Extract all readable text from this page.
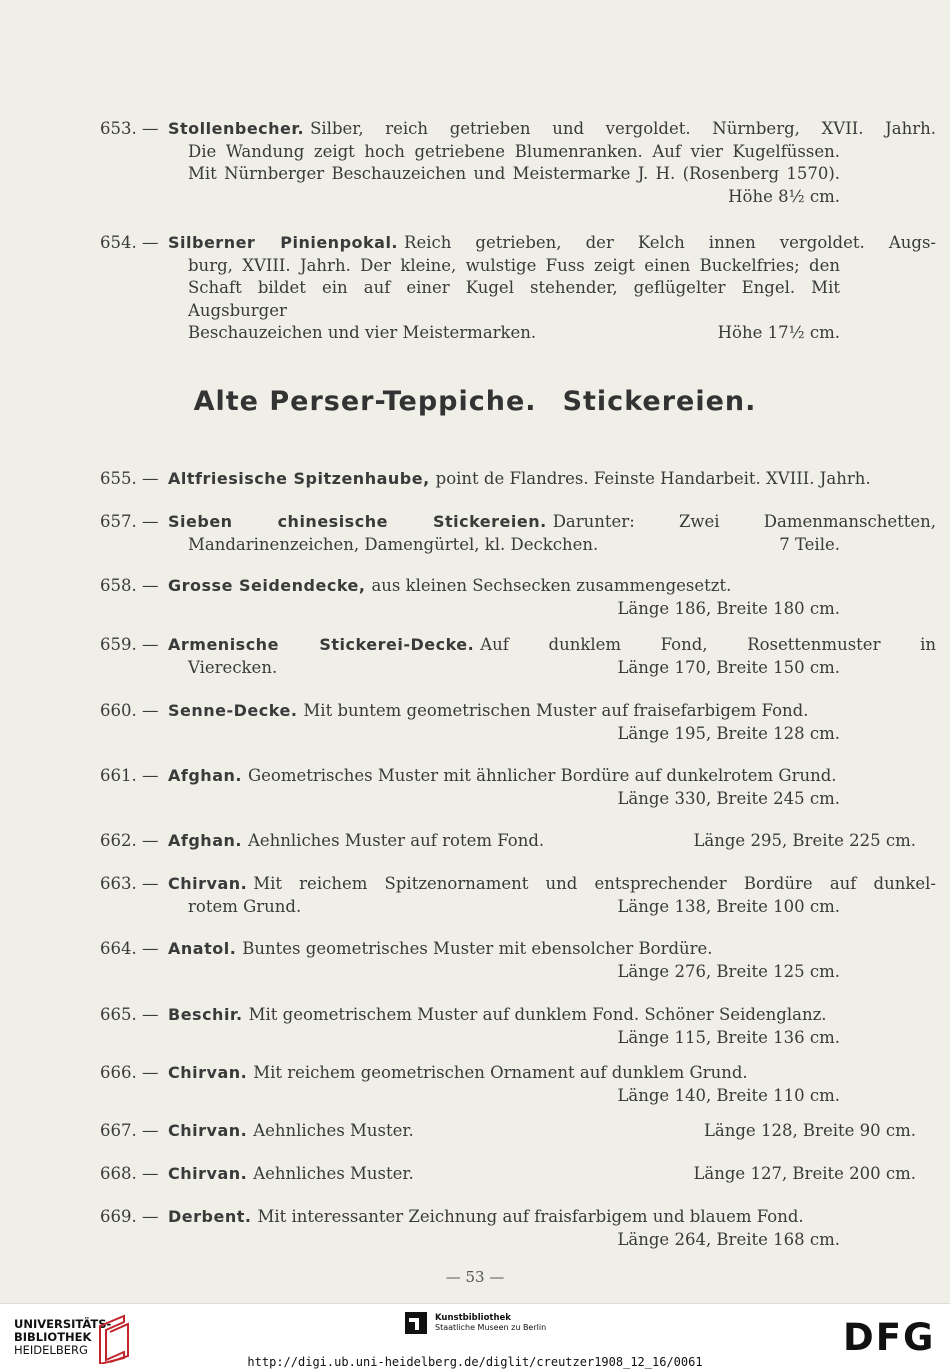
653. — Stollenbecher. Silber, reich getrieben und vergoldet. Nürnberg, XVII. Jahrh.
Die Wandung zeigt hoch getriebene Blumenranken. Auf vier Kugelfüssen.
Mit Nürnberger Beschauzeichen und Meistermarke J. H. (Rosenberg 1570).
Höhe 8½ cm.
654. — Silberner Pinienpokal. Reich getrieben, der Kelch innen vergoldet. Augs-
burg, XVIII. Jahrh. Der kleine, wulstige Fuss zeigt einen Buckelfries; den
Schaft bildet ein auf einer Kugel stehender, geflügelter Engel. Mit Augsburger
Beschauzeichen und vier Meistermarken.	Höhe 17½ cm.
Alte Perser-Teppiche. Stickereien.
655. — Altfriesische Spitzenhaube, point de Flandres. Feinste Handarbeit. XVIII. Jahrh.
657. — Sieben chinesische Stickereien. Darunter: Zwei Damenmanschetten,
Mandarinenzeichen, Damengürtel, kl. Deckchen.	7 Teile.
658. — Grosse Seidendecke, aus kleinen Sechsecken zusammengesetzt.
Länge 186, Breite 180 cm.
659. — Armenische Stickerei-Decke. Auf dunklem Fond, Rosettenmuster in
Vierecken.	Länge 170, Breite 150 cm.
660. — Senne-Decke. Mit buntem geometrischen Muster auf fraisefarbigem Fond.
Länge 195, Breite 128 cm.
661. — Afghan. Geometrisches Muster mit ähnlicher Bordüre auf dunkelrotem Grund.
Länge 330, Breite 245 cm.
662. — Afghan. Aehnliches Muster auf rotem Fond.	Länge 295, Breite 225 cm.
663. — Chirvan. Mit reichem Spitzenornament und entsprechender Bordüre auf dunkel-
rotem Grund.	Länge 138, Breite 100 cm.
664. — Anatol. Buntes geometrisches Muster mit ebensolcher Bordüre.
Länge 276, Breite 125 cm.
665. — Beschir. Mit geometrischem Muster auf dunklem Fond. Schöner Seidenglanz.
Länge 115, Breite 136 cm.
666. — Chirvan. Mit reichem geometrischen Ornament auf dunklem Grund.
Länge 140, Breite 110 cm.
667. — Chirvan. Aehnliches Muster.	Länge 128, Breite 90 cm.
668. — Chirvan. Aehnliches Muster.	Länge 127, Breite 200 cm.
669. — Derbent. Mit interessanter Zeichnung auf fraisfarbigem und blauem Fond.
Länge 264, Breite 168 cm.
— 53 —
UNIVERSITÄTS-
BIBLIOTHEK
HEIDELBERG
Kunstbibliothek
Staatliche Museen zu Berlin	DFG
http://digi.ub.uni-heidelberg.de/diglit/creutzer1908_12_16/0061
